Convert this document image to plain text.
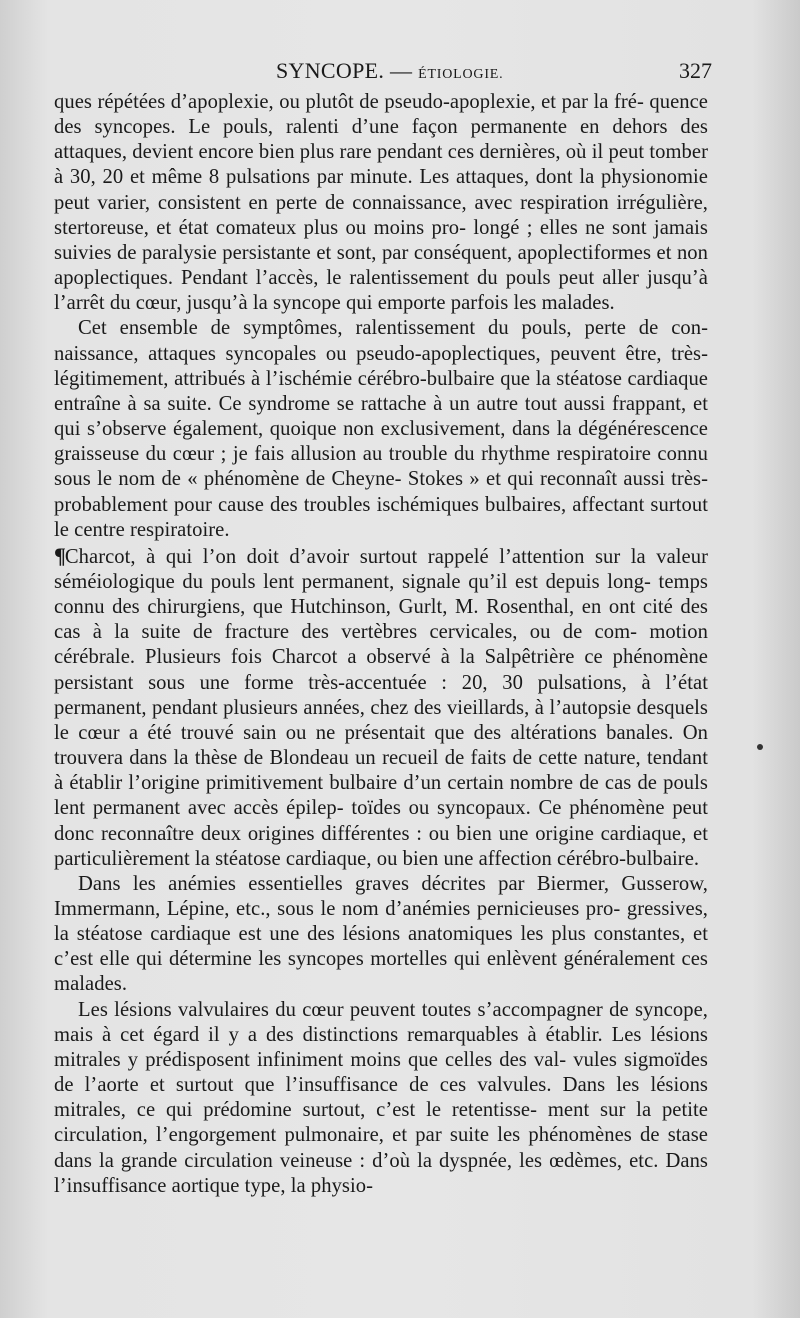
SYNCOPE. — ÉTIOLOGIE.	327

ques répétées d’apoplexie, ou plutôt de pseudo-apoplexie, et par la fré- quence des syncopes. Le pouls, ralenti d’une façon permanente en dehors des attaques, devient encore bien plus rare pendant ces dernières, où il peut tomber à 30, 20 et même 8 pulsations par minute. Les attaques, dont la physionomie peut varier, consistent en perte de connaissance, avec respiration irrégulière, stertoreuse, et état comateux plus ou moins pro- longé ; elles ne sont jamais suivies de paralysie persistante et sont, par conséquent, apoplectiformes et non apoplectiques. Pendant l’accès, le ralentissement du pouls peut aller jusqu’à l’arrêt du cœur, jusqu’à la syncope qui emporte parfois les malades.

Cet ensemble de symptômes, ralentissement du pouls, perte de con- naissance, attaques syncopales ou pseudo-apoplectiques, peuvent être, très-légitimement, attribués à l’ischémie cérébro-bulbaire que la stéatose cardiaque entraîne à sa suite. Ce syndrome se rattache à un autre tout aussi frappant, et qui s’observe également, quoique non exclusivement, dans la dégénérescence graisseuse du cœur ; je fais allusion au trouble du rhythme respiratoire connu sous le nom de « phénomène de Cheyne- Stokes » et qui reconnaît aussi très-probablement pour cause des troubles ischémiques bulbaires, affectant surtout le centre respiratoire.

¶Charcot, à qui l’on doit d’avoir surtout rappelé l’attention sur la valeur séméiologique du pouls lent permanent, signale qu’il est depuis long- temps connu des chirurgiens, que Hutchinson, Gurlt, M. Rosenthal, en ont cité des cas à la suite de fracture des vertèbres cervicales, ou de com- motion cérébrale. Plusieurs fois Charcot a observé à la Salpêtrière ce phénomène persistant sous une forme très-accentuée : 20, 30 pulsations, à l’état permanent, pendant plusieurs années, chez des vieillards, à l’autopsie desquels le cœur a été trouvé sain ou ne présentait que des altérations banales. On trouvera dans la thèse de Blondeau un recueil de faits de cette nature, tendant à établir l’origine primitivement bulbaire d’un certain nombre de cas de pouls lent permanent avec accès épilep- toïdes ou syncopaux. Ce phénomène peut donc reconnaître deux origines différentes : ou bien une origine cardiaque, et particulièrement la stéatose cardiaque, ou bien une affection cérébro-bulbaire.

Dans les anémies essentielles graves décrites par Biermer, Gusserow, Immermann, Lépine, etc., sous le nom d’anémies pernicieuses pro- gressives, la stéatose cardiaque est une des lésions anatomiques les plus constantes, et c’est elle qui détermine les syncopes mortelles qui enlèvent généralement ces malades.

Les lésions valvulaires du cœur peuvent toutes s’accompagner de syncope, mais à cet égard il y a des distinctions remarquables à établir. Les lésions mitrales y prédisposent infiniment moins que celles des val- vules sigmoïdes de l’aorte et surtout que l’insuffisance de ces valvules. Dans les lésions mitrales, ce qui prédomine surtout, c’est le retentisse- ment sur la petite circulation, l’engorgement pulmonaire, et par suite les phénomènes de stase dans la grande circulation veineuse : d’où la dyspnée, les œdèmes, etc. Dans l’insuffisance aortique type, la physio-
